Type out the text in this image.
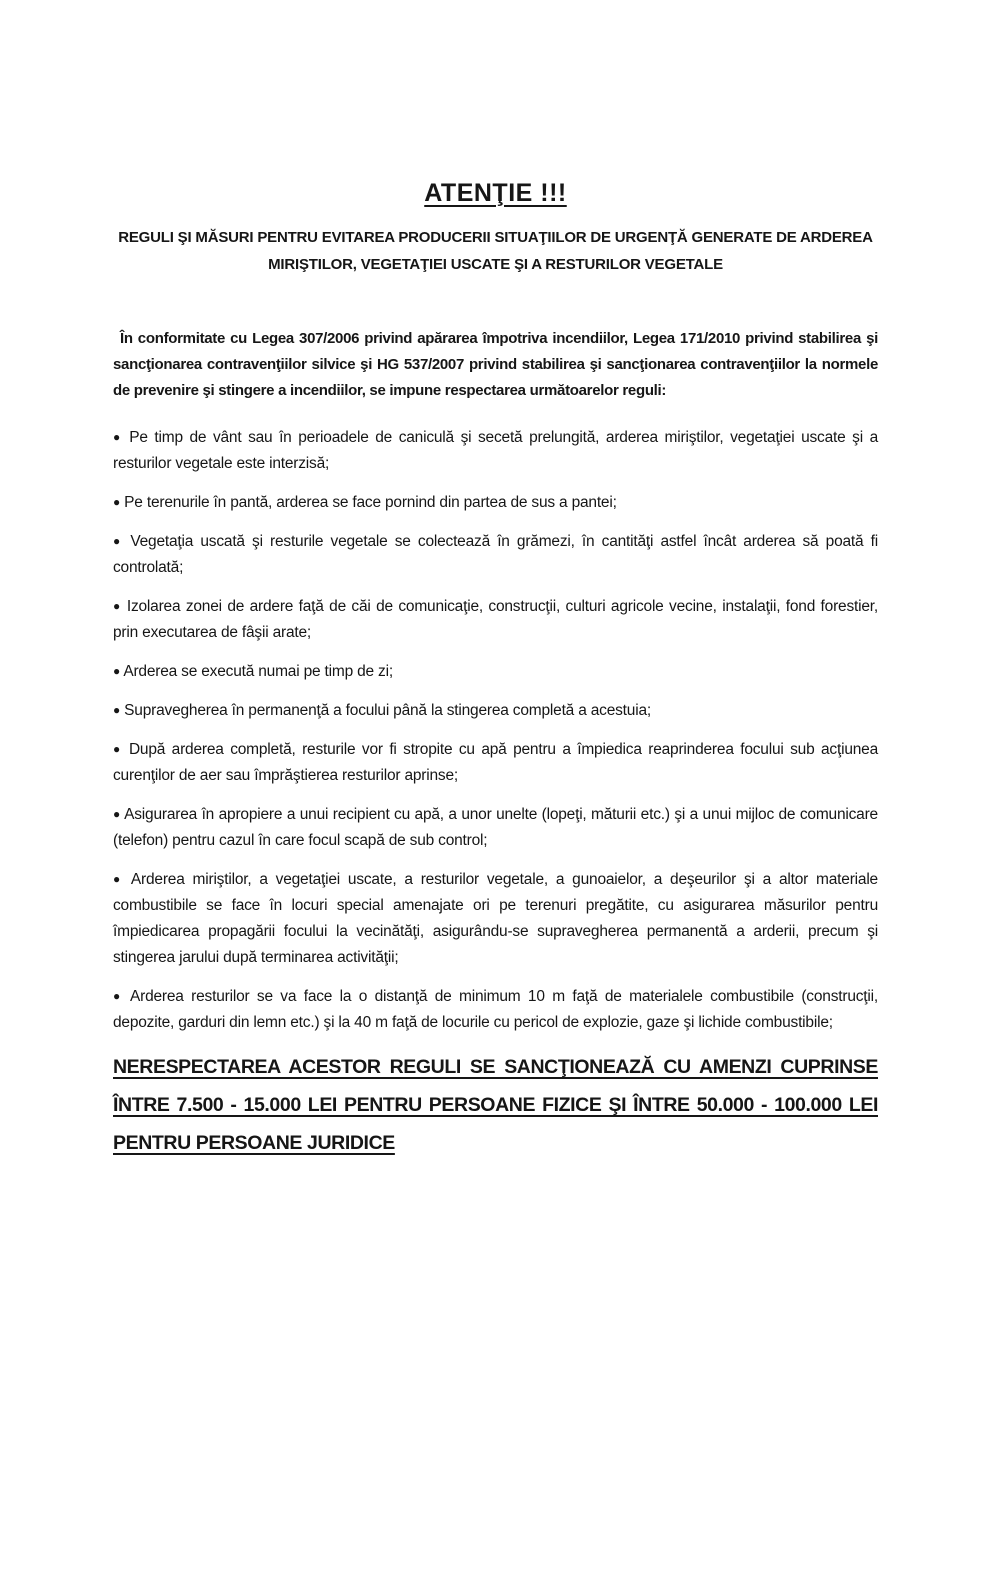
ATENŢIE !!!
REGULI ŞI MĂSURI PENTRU EVITAREA PRODUCERII SITUAŢIILOR DE URGENŢĂ GENERATE DE ARDEREA MIRIŞTILOR, VEGETAŢIEI USCATE ŞI A RESTURILOR VEGETALE

În conformitate cu Legea 307/2006 privind apărarea împotriva incendiilor, Legea 171/2010 privind stabilirea şi sancţionarea contravenţiilor silvice şi HG 537/2007 privind stabilirea şi sancţionarea contravenţiilor la normele de prevenire şi stingere a incendiilor, se impune respectarea următoarelor reguli:

● Pe timp de vânt sau în perioadele de caniculă şi secetă prelungită, arderea miriştilor, vegetaţiei uscate şi a resturilor vegetale este interzisă;

● Pe terenurile în pantă, arderea se face pornind din partea de sus a pantei;

● Vegetaţia uscată şi resturile vegetale se colectează în grămezi, în cantităţi astfel încât arderea să poată fi controlată;

● Izolarea zonei de ardere faţă de căi de comunicaţie, construcţii, culturi agricole vecine, instalaţii, fond forestier, prin executarea de fâşii arate;

● Arderea se execută numai pe timp de zi;

● Supravegherea în permanenţă a focului până la stingerea completă a acestuia;

● După arderea completă, resturile vor fi stropite cu apă pentru a împiedica reaprinderea focului sub acţiunea curenţilor de aer sau împrăştierea resturilor aprinse;

● Asigurarea în apropiere a unui recipient cu apă, a unor unelte (lopeţi, măturii etc.) şi a unui mijloc de comunicare (telefon) pentru cazul în care focul scapă de sub control;

● Arderea miriştilor, a vegetaţiei uscate, a resturilor vegetale, a gunoaielor, a deşeurilor şi a altor materiale combustibile se face în locuri special amenajate ori pe terenuri pregătite, cu asigurarea măsurilor pentru împiedicarea propagării focului la vecinătăţi, asigurându-se supravegherea permanentă a arderii, precum şi stingerea jarului după terminarea activităţii;

● Arderea resturilor se va face la o distanţă de minimum 10 m faţă de materialele combustibile (construcţii, depozite, garduri din lemn etc.) şi la 40 m faţă de locurile cu pericol de explozie, gaze şi lichide combustibile;

NERESPECTAREA ACESTOR REGULI SE SANCŢIONEAZĂ CU AMENZI CUPRINSE ÎNTRE 7.500 - 15.000 LEI PENTRU PERSOANE FIZICE ŞI ÎNTRE 50.000 - 100.000 LEI PENTRU PERSOANE JURIDICE
